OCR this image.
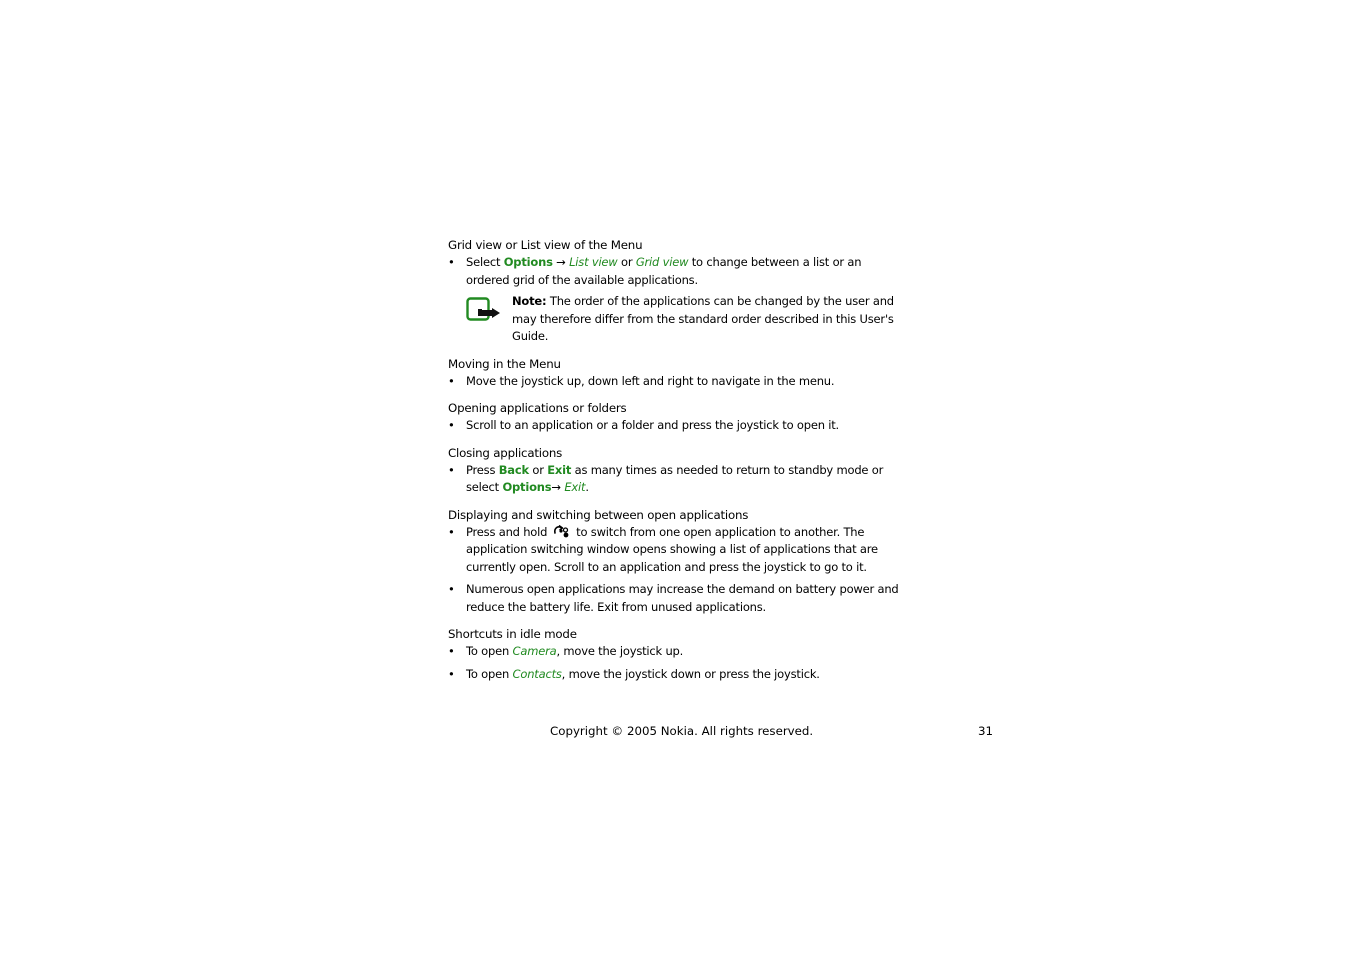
Grid view or List view of the Menu

• Select Options → List view or Grid view to change between a list or an ordered grid of the available applications.

Note: The order of the applications can be changed by the user and may therefore differ from the standard order described in this User's Guide.
Moving in the Menu

• Move the joystick up, down left and right to navigate in the menu.

Opening applications or folders

• Scroll to an application or a folder and press the joystick to open it.

Closing applications

• Press Back or Exit as many times as needed to return to standby mode or select Options→ Exit.

Displaying and switching between open applications

• Press and hold	to switch from one open application to another. The application switching window opens showing a list of applications that are currently open. Scroll to an application and press the joystick to go to it.

• Numerous open applications may increase the demand on battery power and reduce the battery life. Exit from unused applications.

Shortcuts in idle mode

• To open Camera, move the joystick up.

• To open Contacts, move the joystick down or press the joystick.

Copyright © 2005 Nokia. All rights reserved.	31
